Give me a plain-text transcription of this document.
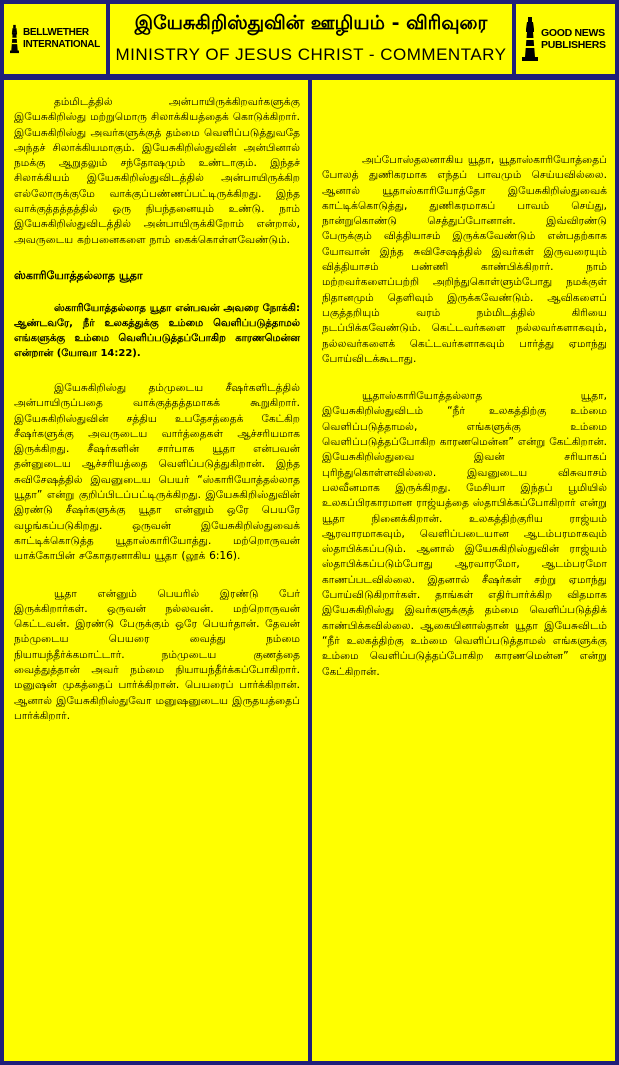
BELLWETHER
INTERNATIONAL
இயேசுகிறிஸ்துவின் ஊழியம் - விரிவுரை
MINISTRY OF JESUS CHRIST - COMMENTARY
GOOD NEWS
PUBLISHERS

தம்மிடத்தில் அன்பாயிருக்கிறவர்களுக்கு இயேசுகிறிஸ்து மற்றுமொரு சிலாக்கியத்தைக் கொடுக்கிறார். இயேசுகிறிஸ்து அவர்களுக்குத் தம்மை வெளிப்படுத்துவதே அந்தச் சிலாக்கியமாகும். இயேசுகிறிஸ்துவின் அன்பினால் நமக்கு ஆறுதலும் சந்தோஷமும் உண்டாகும். இந்தச் சிலாக்கியம் இயேசுகிறிஸ்துவிடத்தில் அன்பாயிருக்கிற எல்லோருக்குமே வாக்குப்பண்ணப்பட்டிருக்கிறது. இந்த வாக்குத்தத்தத்தில் ஒரு நிபந்தனையும் உண்டு. நாம் இயேசுகிறிஸ்துவிடத்தில் அன்பாயிருக்கிறோம் என்றால், அவருடைய கற்பனைகளை நாம் கைக்கொள்ளவேண்டும்.

ஸ்காரியோத்தல்லாத யூதா

ஸ்காரியோத்தல்லாத யூதா என்பவன் அவரை நோக்கி: ஆண்டவரே, நீர் உலகத்துக்கு உம்மை வெளிப்படுத்தாமல் எங்களுக்கு உம்மை வெளிப்படுத்தப்போகிற காரணமென்ன என்றான் (யோவா 14:22).

இயேசுகிறிஸ்து தம்முடைய சீஷர்களிடத்தில் அன்பாயிருப்பதை வாக்குத்தத்தமாகக் கூறுகிறார். இயேசுகிறிஸ்துவின் சத்திய உபதேசத்தைக் கேட்கிற சீஷர்களுக்கு அவருடைய வார்த்தைகள் ஆச்சரியமாக இருக்கிறது. சீஷர்களின் சார்பாக யூதா என்பவன் தன்னுடைய ஆச்சரியத்தை வெளிப்படுத்துகிறான். இந்த சுவிசேஷத்தில் இவனுடைய பெயர் “ஸ்காரியோத்தல்லாத யூதா” என்று குறிப்பிடப்பட்டிருக்கிறது. இயேசுகிறிஸ்துவின் இரண்டு சீஷர்களுக்கு யூதா என்னும் ஒரே பெயரே வழங்கப்படுகிறது. ஒருவன் இயேசுகிறிஸ்துவைக் காட்டிக்கொடுத்த யூதாஸ்காரியோத்து. மற்றொருவன் யாக்கோபின் சகோதரனாகிய யூதா (லூக் 6:16).

யூதா என்னும் பெயரில் இரண்டு பேர் இருக்கிறார்கள். ஒருவன் நல்லவன். மற்றொருவன் கெட்டவன். இரண்டு பேருக்கும் ஒரே பெயர்தான். தேவன் நம்முடைய பெயரை வைத்து நம்மை நியாயந்தீர்க்கமாட்டார். நம்முடைய குணத்தை வைத்துத்தான் அவர் நம்மை நியாயந்தீர்க்கப்போகிறார். மனுஷன் முகத்தைப் பார்க்கிறான். பெயரைப் பார்க்கிறான். ஆனால் இயேசுகிறிஸ்துவோ மனுஷனுடைய இருதயத்தைப் பார்க்கிறார்.

அப்போஸ்தலனாகிய யூதா, யூதாஸ்காரியோத்தைப் போலத் துணிகரமாக எந்தப் பாவமும் செய்யவில்லை. ஆனால் யூதாஸ்காரியோத்தோ இயேசுகிறிஸ்துவைக் காட்டிக்கொடுத்து, துணிகரமாகப் பாவம் செய்து, நான்றுகொண்டு செத்துப்போனான். இவ்விரண்டு பேருக்கும் வித்தியாசம் இருக்கவேண்டும் என்பதற்காக யோவான் இந்த சுவிசேஷத்தில் இவர்கள் இருவரையும் வித்தியாசம் பண்ணி காண்பிக்கிறார். நாம் மற்றவர்களைப்பற்றி அறிந்துகொள்ளும்போது நமக்குள் நிதானமும் தெளிவும் இருக்கவேண்டும். ஆவிகளைப் பகுத்தறியும் வரம் நம்மிடத்தில் கிரியை நடப்பிக்கவேண்டும். கெட்டவர்களை நல்லவர்களாகவும், நல்லவர்களைக் கெட்டவர்களாகவும் பார்த்து ஏமாந்து போய்விடக்கூடாது.

யூதாஸ்காரியோத்தல்லாத யூதா, இயேசுகிறிஸ்துவிடம் “நீர் உலகத்திற்கு உம்மை வெளிப்படுத்தாமல், எங்களுக்கு உம்மை வெளிப்படுத்தப்போகிற காரணமென்ன” என்று கேட்கிறான். இயேசுகிறிஸ்துவை இவன் சரியாகப் புரிந்துகொள்ளவில்லை. இவனுடைய விசுவாசம் பலவீனமாக இருக்கிறது. மேசியா இந்தப் பூமியில் உலகப்பிரகாரமான ராஜ்யத்தை ஸ்தாபிக்கப்போகிறார் என்று யூதா நினைக்கிறான். உலகத்திற்குரிய ராஜ்யம் ஆரவாரமாகவும், வெளிப்படையான ஆடம்பரமாகவும் ஸ்தாபிக்கப்படும். ஆனால் இயேசுகிறிஸ்துவின் ராஜ்யம் ஸ்தாபிக்கப்படும்போது ஆரவாரமோ, ஆடம்பரமோ காணப்படவில்லை. இதனால் சீஷர்கள் சற்று ஏமாந்து போய்விடுகிறார்கள். தாங்கள் எதிர்பார்க்கிற விதமாக இயேசுகிறிஸ்து இவர்களுக்குத் தம்மை வெளிப்படுத்திக் காண்பிக்கவில்லை. ஆகையினால்தான் யூதா இயேசுவிடம் “நீர் உலகத்திற்கு உம்மை வெளிப்படுத்தாமல் எங்களுக்கு உம்மை வெளிப்படுத்தப்போகிற காரணமென்ன” என்று கேட்கிறான்.
